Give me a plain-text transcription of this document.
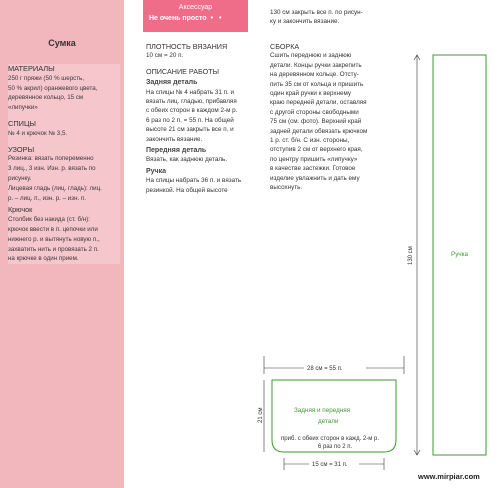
Сумка
МАТЕРИАЛЫ
250 г пряжи (50 % шерсть,
50 % акрил) оранжевого цвета,
деревянное кольцо, 15 см
«липучки»
СПИЦЫ
№ 4 и крючок № 3,5.
УЗОРЫ
Резинка: вязать попеременно
3 лиц., 3 изн. Изн. р. вязать по
рисунку.
Лицевая гладь (лиц. гладь): лиц.
р. – лиц. п., изн. р. – изн. п.
Крючок
Столбик без накида (ст. б/н):
крючок ввести в п. цепочки или
нижнего р. и вытянуть новую п.,
захватить нить и провязать 2 п.
на крючке в один прием.
Аксессуар
Не очень просто • •
ПЛОТНОСТЬ ВЯЗАНИЯ
10 см = 20 п.
ОПИСАНИЕ РАБОТЫ
Задняя деталь
На спицы № 4 набрать 31 п. и
вязать лиц. гладью, прибавляя
с обеих сторон в каждом 2-м р.
6 раз по 2 п. = 55 п. На общей
высоте 21 см закрыть все п. и
закончить вязание.
Передняя деталь
Вязать, как заднюю деталь.
Ручка
На спицы набрать 36 п. и вязать
резинкой. На общей высоте
130 см закрыть все п. по рисун-
ку и закончить вязание.
СБОРКА
Сшить переднюю и заднюю
детали. Концы ручки закрепить
на деревянном кольце. Отсту-
пить 35 см от кольца и пришить
один край ручки к верхнему
краю передней детали, оставляя
с другой стороны свободными
75 см (см. фото). Верхний край
задней детали обвязать крючком
1 р. ст. б/н. С изн. стороны,
отступив 2 см от верхнего края,
по центру пришить «липучку»
в качестве застежки. Готовое
изделие увлажнить и дать ему
высохнуть.
Ручка
130 см
28 см = 55 п.
Задняя и передняя
детали
приб. с обеих сторон в кажд. 2-м р.
6 раз по 2 п.
21 см
15 см = 31 п.
www.mirpiar.com
